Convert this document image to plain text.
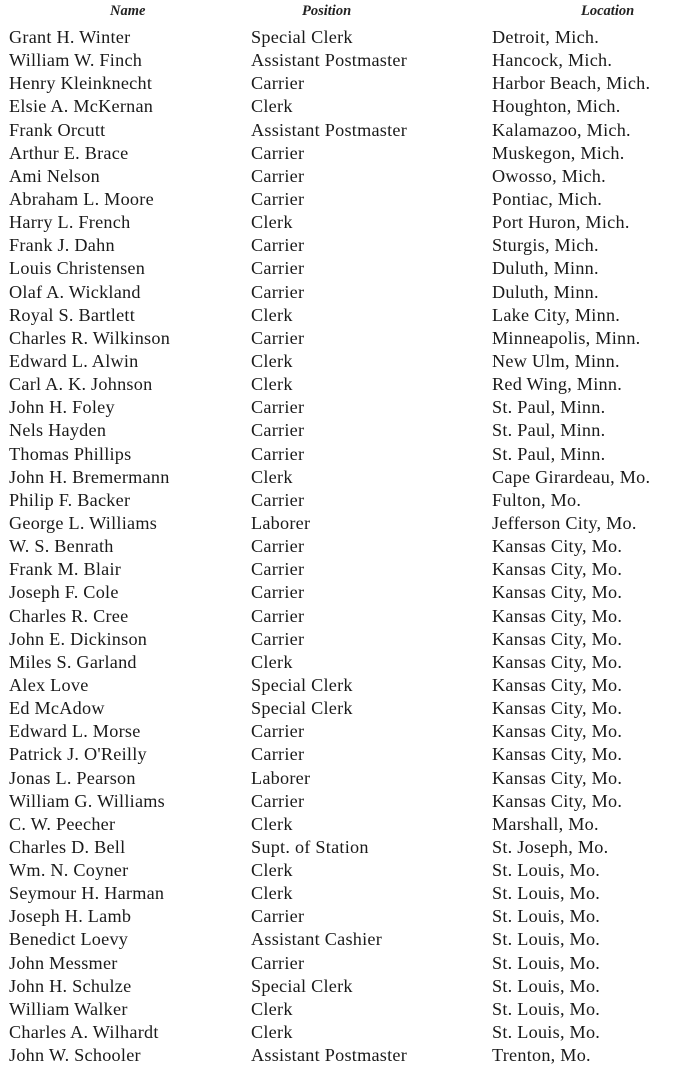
Name	Position	Location
Grant H. Winter	Special Clerk	Detroit, Mich.
William W. Finch	Assistant Postmaster	Hancock, Mich.
Henry Kleinknecht	Carrier	Harbor Beach, Mich.
Elsie A. McKernan	Clerk	Houghton, Mich.
Frank Orcutt	Assistant Postmaster	Kalamazoo, Mich.
Arthur E. Brace	Carrier	Muskegon, Mich.
Ami Nelson	Carrier	Owosso, Mich.
Abraham L. Moore	Carrier	Pontiac, Mich.
Harry L. French	Clerk	Port Huron, Mich.
Frank J. Dahn	Carrier	Sturgis, Mich.
Louis Christensen	Carrier	Duluth, Minn.
Olaf A. Wickland	Carrier	Duluth, Minn.
Royal S. Bartlett	Clerk	Lake City, Minn.
Charles R. Wilkinson	Carrier	Minneapolis, Minn.
Edward L. Alwin	Clerk	New Ulm, Minn.
Carl A. K. Johnson	Clerk	Red Wing, Minn.
John H. Foley	Carrier	St. Paul, Minn.
Nels Hayden	Carrier	St. Paul, Minn.
Thomas Phillips	Carrier	St. Paul, Minn.
John H. Bremermann	Clerk	Cape Girardeau, Mo.
Philip F. Backer	Carrier	Fulton, Mo.
George L. Williams	Laborer	Jefferson City, Mo.
W. S. Benrath	Carrier	Kansas City, Mo.
Frank M. Blair	Carrier	Kansas City, Mo.
Joseph F. Cole	Carrier	Kansas City, Mo.
Charles R. Cree	Carrier	Kansas City, Mo.
John E. Dickinson	Carrier	Kansas City, Mo.
Miles S. Garland	Clerk	Kansas City, Mo.
Alex Love	Special Clerk	Kansas City, Mo.
Ed McAdow	Special Clerk	Kansas City, Mo.
Edward L. Morse	Carrier	Kansas City, Mo.
Patrick J. O'Reilly	Carrier	Kansas City, Mo.
Jonas L. Pearson	Laborer	Kansas City, Mo.
William G. Williams	Carrier	Kansas City, Mo.
C. W. Peecher	Clerk	Marshall, Mo.
Charles D. Bell	Supt. of Station	St. Joseph, Mo.
Wm. N. Coyner	Clerk	St. Louis, Mo.
Seymour H. Harman	Clerk	St. Louis, Mo.
Joseph H. Lamb	Carrier	St. Louis, Mo.
Benedict Loevy	Assistant Cashier	St. Louis, Mo.
John Messmer	Carrier	St. Louis, Mo.
John H. Schulze	Special Clerk	St. Louis, Mo.
William Walker	Clerk	St. Louis, Mo.
Charles A. Wilhardt	Clerk	St. Louis, Mo.
John W. Schooler	Assistant Postmaster	Trenton, Mo.
